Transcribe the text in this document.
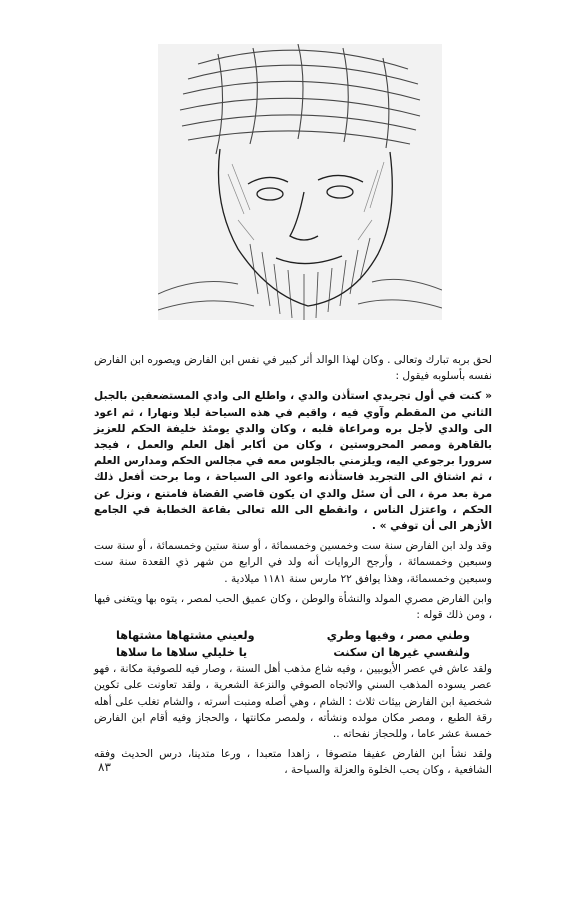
لحق بربه تبارك وتعالى . وكان لهذا الوالد أثر كبير في نفس ابن الفارض ويصوره ابن الفارض نفسه بأسلوبه فيقول :

« كنت في أول تجريدي استأذن والدي ، واطلع الى وادي المستضعفين بالجبل الثاني من المقطم وآوي فيه ، واقيم في هذه السياحة ليلا ونهارا ، ثم اعود الى والدي لأجل بره ومراعاة قلبه ، وكان والدي يومئذ خليفة الحكم للعزيز بالقاهرة ومصر المحروستين ، وكان من أكابر أهل العلم والعمل ، فيجد سرورا برجوعي اليه، ويلزمني بالجلوس معه في مجالس الحكم ومدارس العلم ، ثم اشتاق الى التجريد فاستأذنه واعود الى السياحة ، وما برحت أفعل ذلك مرة بعد مرة ، الى أن سئل والدي ان يكون قاضي القضاة فامتنع ، ونزل عن الحكم ، واعتزل الناس ، وانقطع الى الله تعالى بقاعة الخطابة في الجامع الأزهر الى أن توفي » .

وقد ولد ابن الفارض سنة ست وخمسين وخمسمائة ، أو سنة ستين وخمسمائة ، أو سنة ست وسبعين وخمسمائة ، وأرجح الروايات أنه ولد في الرابع من شهر ذي القعدة سنة ست وسبعين وخمسمائة، وهذا يوافق ٢٢ مارس سنة ١١٨١ ميلادية .

وابن الفارض مصري المولد والنشأة والوطن ، وكان عميق الحب لمصر ، يتوه بها ويتغنى فيها ، ومن ذلك قوله :

وطني مصر ، وفيها وطري
ولعيني مشتهاها مشتهاها
ولنفسي غيرها ان سكنت
يا خليلي سلاها ما سلاها

ولقد عاش في عصر الأيوبيين ، وفيه شاع مذهب أهل السنة ، وصار فيه للصوفية مكانة ، فهو عصر يسوده المذهب السني والاتجاه الصوفي والنزعة الشعرية ، ولقد تعاونت على تكوين شخصية ابن الفارض بيئات ثلاث : الشام ، وهي أصله ومنبت أسرته ، والشام تغلب على أهله رقة الطبع ، ومصر مكان مولده ونشأته ، ولمصر مكانتها ، والحجاز وفيه أقام ابن الفارض خمسة عشر عاما ، وللحجاز نفحاته ..

ولقد نشأ ابن الفارض عفيفا متصوفا ، زاهدا متعبدا ، ورعا متدينا، درس الحديث وفقه الشافعية ، وكان يحب الخلوة والعزلة والسياحة ،

٨٣
